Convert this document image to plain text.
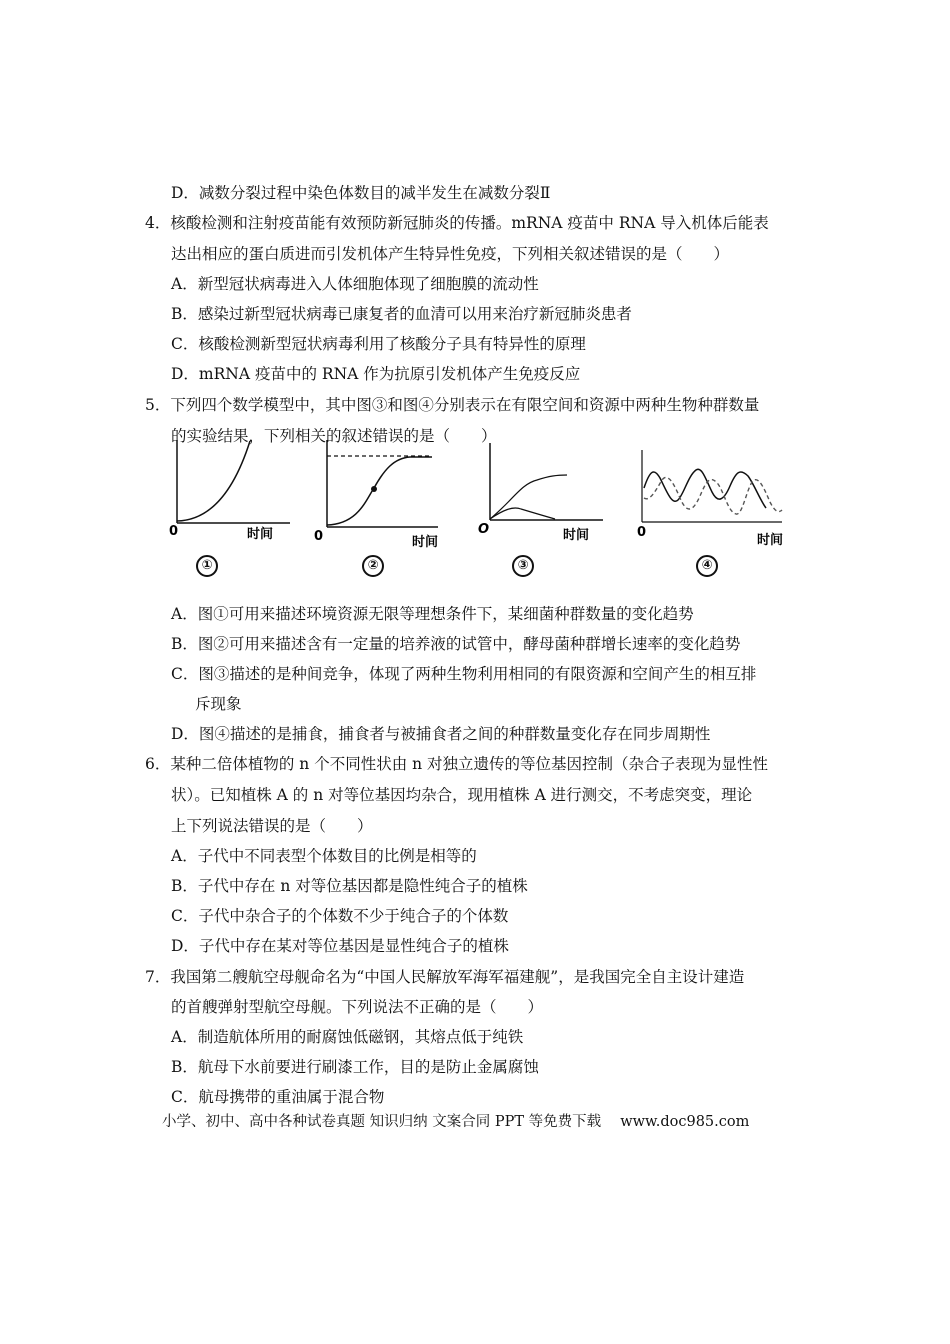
D．减数分裂过程中染色体数目的减半发生在减数分裂Ⅱ
4．核酸检测和注射疫苗能有效预防新冠肺炎的传播。mRNA 疫苗中 RNA 导入机体后能表
达出相应的蛋白质进而引发机体产生特异性免疫，下列相关叙述错误的是（　　）
A．新型冠状病毒进入人体细胞体现了细胞膜的流动性
B．感染过新型冠状病毒已康复者的血清可以用来治疗新冠肺炎患者
C．核酸检测新型冠状病毒利用了核酸分子具有特异性的原理
D．mRNA 疫苗中的 RNA 作为抗原引发机体产生免疫反应
5．下列四个数学模型中，其中图③和图④分别表示在有限空间和资源中两种生物种群数量
的实验结果，下列相关的叙述错误的是（　　）
0	时间
①
0	时间
②
O	时间
③
0
时间
④
A．图①可用来描述环境资源无限等理想条件下，某细菌种群数量的变化趋势
B．图②可用来描述含有一定量的培养液的试管中，酵母菌种群增长速率的变化趋势
C．图③描述的是种间竞争，体现了两种生物利用相同的有限资源和空间产生的相互排
斥现象
D．图④描述的是捕食，捕食者与被捕食者之间的种群数量变化存在同步周期性
6．某种二倍体植物的 n 个不同性状由 n 对独立遗传的等位基因控制（杂合子表现为显性性
状）。已知植株 A 的 n 对等位基因均杂合，现用植株 A 进行测交，不考虑突变，理论
上下列说法错误的是（　　）
A．子代中不同表型个体数目的比例是相等的
B．子代中存在 n 对等位基因都是隐性纯合子的植株
C．子代中杂合子的个体数不少于纯合子的个体数
D．子代中存在某对等位基因是显性纯合子的植株
7．我国第二艘航空母舰命名为“中国人民解放军海军福建舰”，是我国完全自主设计建造
的首艘弹射型航空母舰。下列说法不正确的是（　　）
A．制造航体所用的耐腐蚀低磁钢，其熔点低于纯铁
B．航母下水前要进行刷漆工作，目的是防止金属腐蚀
C．航母携带的重油属于混合物
小学、初中、高中各种试卷真题 知识归纳 文案合同 PPT 等免费下载　 www.doc985.com
